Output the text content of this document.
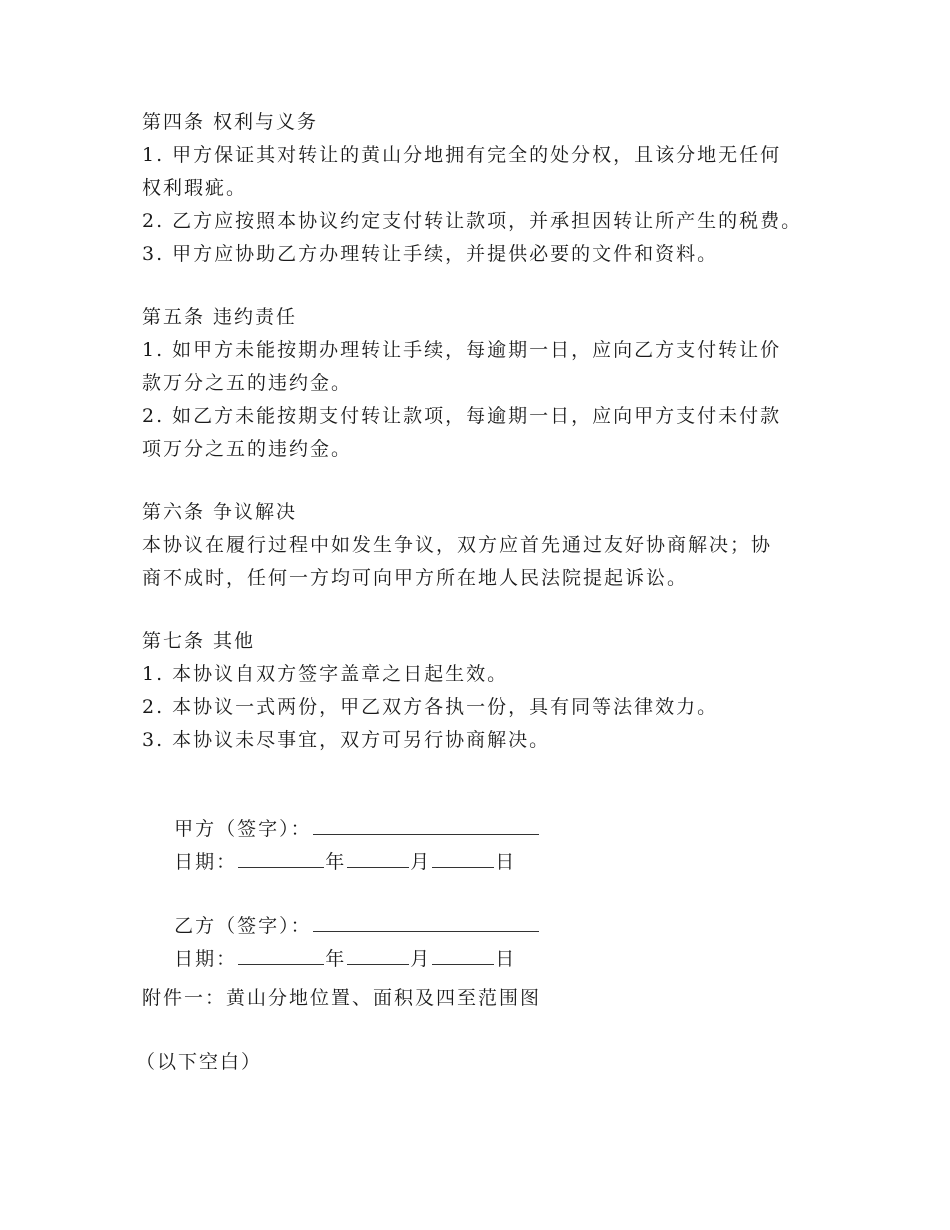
第四条 权利与义务
1. 甲方保证其对转让的黄山分地拥有完全的处分权，且该分地无任何
权利瑕疵。
2. 乙方应按照本协议约定支付转让款项，并承担因转让所产生的税费。
3. 甲方应协助乙方办理转让手续，并提供必要的文件和资料。
第五条 违约责任
1. 如甲方未能按期办理转让手续，每逾期一日，应向乙方支付转让价
款万分之五的违约金。
2. 如乙方未能按期支付转让款项，每逾期一日，应向甲方支付未付款
项万分之五的违约金。
第六条 争议解决
本协议在履行过程中如发生争议，双方应首先通过友好协商解决；协
商不成时，任何一方均可向甲方所在地人民法院提起诉讼。
第七条 其他
1. 本协议自双方签字盖章之日起生效。
2. 本协议一式两份，甲乙双方各执一份，具有同等法律效力。
3. 本协议未尽事宜，双方可另行协商解决。

甲方（签字）：

日期：	年	月	日

乙方（签字）：

日期：	年	月	日

附件一：黄山分地位置、面积及四至范围图
（以下空白）
